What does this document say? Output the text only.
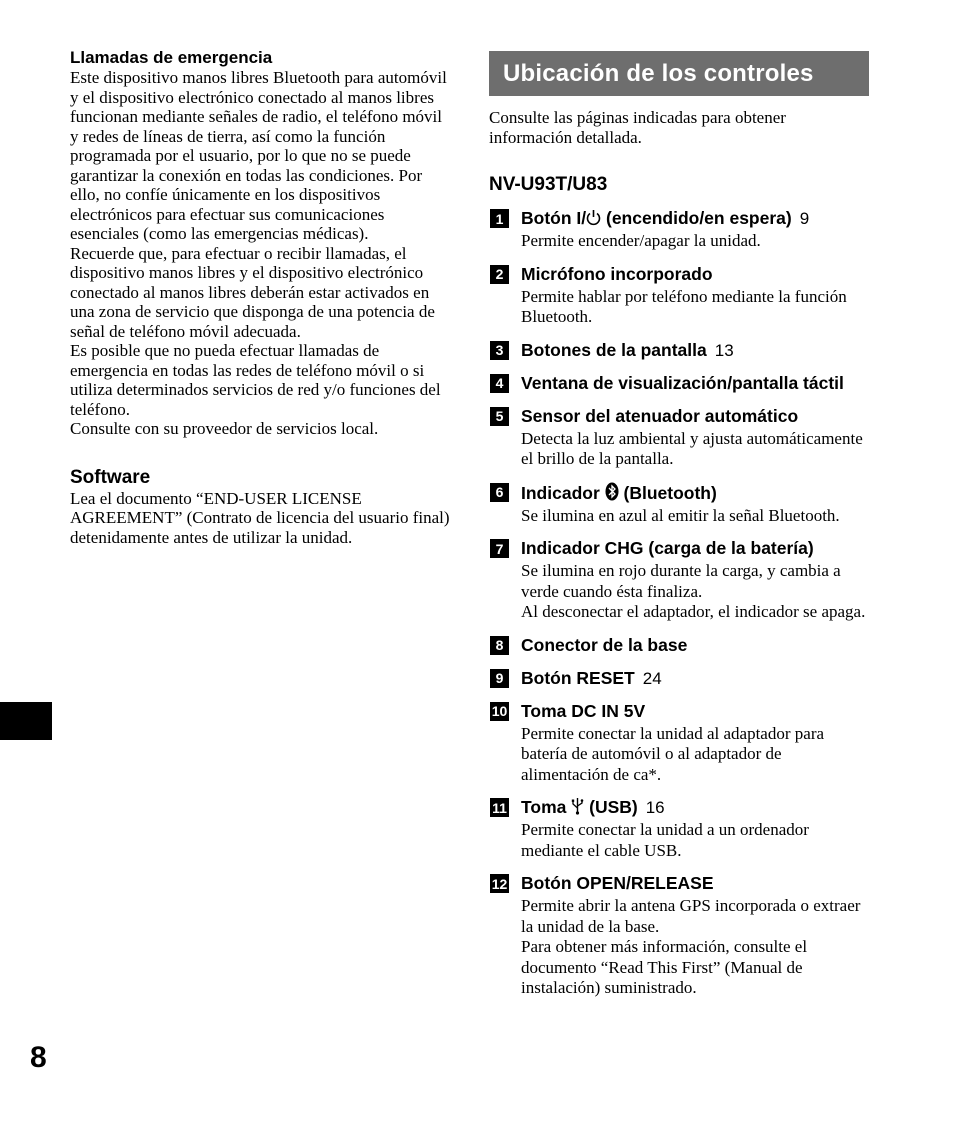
Llamadas de emergencia

Este dispositivo manos libres Bluetooth para automóvil y el dispositivo electrónico conectado al manos libres funcionan mediante señales de radio, el teléfono móvil y redes de líneas de tierra, así como la función programada por el usuario, por lo que no se puede garantizar la conexión en todas las condiciones. Por ello, no confíe únicamente en los dispositivos electrónicos para efectuar sus comunicaciones esenciales (como las emergencias médicas).

Recuerde que, para efectuar o recibir llamadas, el dispositivo manos libres y el dispositivo electrónico conectado al manos libres deberán estar activados en una zona de servicio que disponga de una potencia de señal de teléfono móvil adecuada.

Es posible que no pueda efectuar llamadas de emergencia en todas las redes de teléfono móvil o si utiliza determinados servicios de red y/o funciones del teléfono.

Consulte con su proveedor de servicios local.

Software

Lea el documento “END-USER LICENSE AGREEMENT” (Contrato de licencia del usuario final) detenidamente antes de utilizar la unidad.

Ubicación de los controles

Consulte las páginas indicadas para obtener información detallada.

NV-U93T/U83
1	Botón I/ (encendido/en espera) 9

Permite encender/apagar la unidad.

2	Micrófono incorporado

Permite hablar por teléfono mediante la función Bluetooth.

3	Botones de la pantalla 13

4	Ventana de visualización/pantalla táctil

5	Sensor del atenuador automático

Detecta la luz ambiental y ajusta automáticamente el brillo de la pantalla.

6	Indicador  (Bluetooth)

Se ilumina en azul al emitir la señal Bluetooth.

7	Indicador CHG (carga de la batería)

Se ilumina en rojo durante la carga, y cambia a verde cuando ésta finaliza.

Al desconectar el adaptador, el indicador se apaga.

8	Conector de la base

9	Botón RESET 24

10 Toma DC IN 5V

Permite conectar la unidad al adaptador para batería de automóvil o al adaptador de alimentación de ca*.

11 Toma  (USB) 16

Permite conectar la unidad a un ordenador mediante el cable USB.

12 Botón OPEN/RELEASE

Permite abrir la antena GPS incorporada o extraer la unidad de la base.

Para obtener más información, consulte el documento “Read This First” (Manual de instalación) suministrado.

8
